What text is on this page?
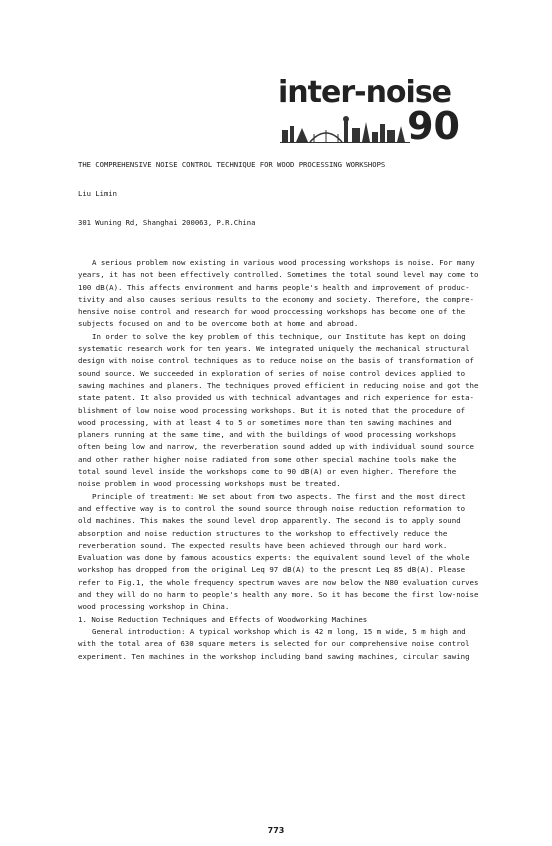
inter-noise
90
THE COMPREHENSIVE NOISE CONTROL TECHNIQUE FOR WOOD PROCESSING WORKSHOPS
Liu Limin
301 Wuning Rd, Shanghai 200063, P.R.China

A serious problem now existing in various wood processing workshops is noise. For many
years, it has not been effectively controlled. Sometimes the total sound level may come to
100 dB(A). This affects environment and harms people's health and improvement of produc-
tivity and also causes serious results to the economy and society. Therefore, the compre-
hensive noise control and research for wood proccessing workshops has become one of the
subjects focused on and to be overcome both at home and abroad.

In order to solve the key problem of this technique, our Institute has kept on doing
systematic research work for ten years. We integrated uniquely the mechanical structural
design with noise control techniques as to reduce noise on the basis of transformation of
sound source. We succeeded in exploration of series of noise control devices applied to
sawing machines and planers. The techniques proved efficient in reducing noise and got the
state patent. It also provided us with technical advantages and rich experience for esta-
blishment of low noise wood processing workshops. But it is noted that the procedure of
wood processing, with at least 4 to 5 or sometimes more than ten sawing machines and
planers running at the same time, and with the buildings of wood processing workshops
often being low and narrow, the reverberation sound added up with individual sound source
and other rather higher noise radiated from some other special machine tools make the
total sound level inside the workshops come to 90 dB(A) or even higher. Therefore the
noise problem in wood processing workshops must be treated.

Principle of treatment: We set about from two aspects. The first and the most direct
and effective way is to control the sound source through noise reduction reformation to
old machines. This makes the sound level drop apparently. The second is to apply sound
absorption and noise reduction structures to the workshop to effectively reduce the
reverberation sound. The expected results have been achieved through our hard work.
Evaluation was done by famous acoustics experts: the equivalent sound level of the whole
workshop has dropped from the original Leq 97 dB(A) to the prescnt Leq 85 dB(A). Please
refer to Fig.1, the whole frequency spectrum waves are now below the N80 evaluation curves
and they will do no harm to people's health any more. So it has become the first low-noise
wood processing workshop in China.

1. Noise Reduction Techniques and Effects of Woodworking Machines

General introduction: A typical workshop which is 42 m long, 15 m wide, 5 m high and
with the total area of 630 square meters is selected for our comprehensive noise control
experiment. Ten machines in the workshop including band sawing machines, circular sawing

773
